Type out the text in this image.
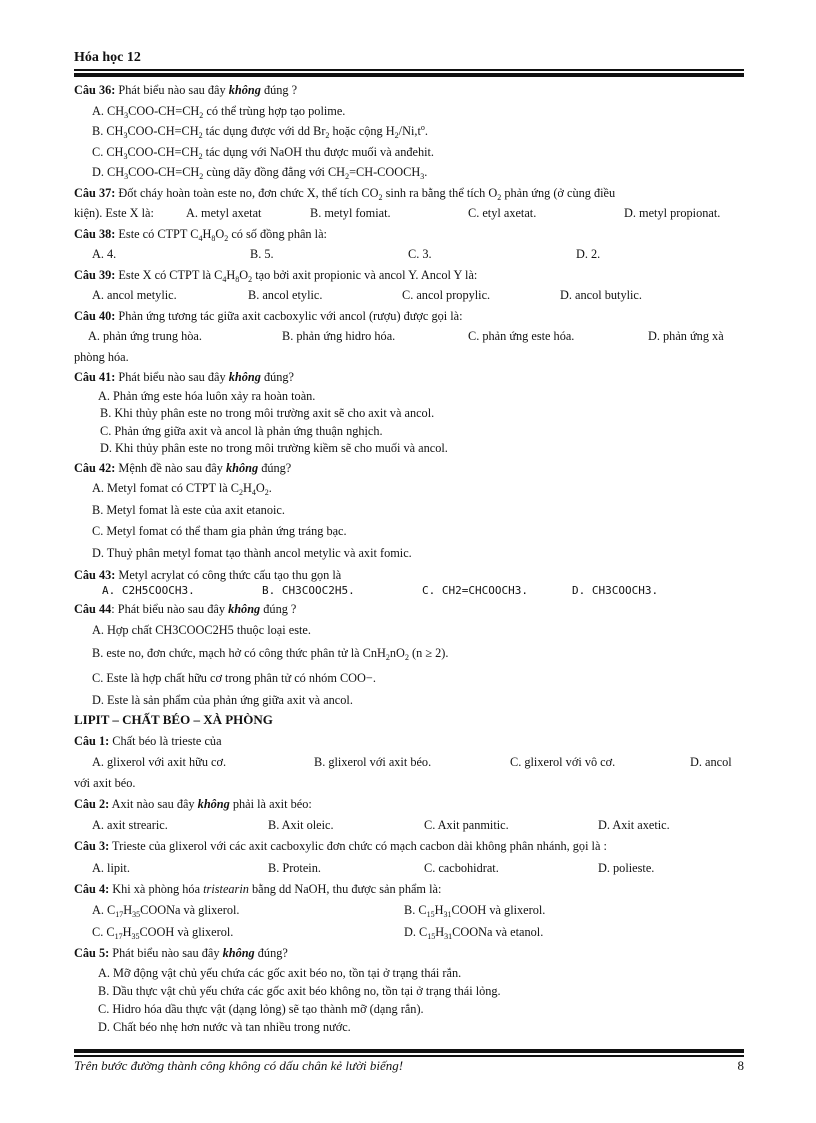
Hóa học 12

Câu 36: Phát biểu nào sau đây không đúng ?

A. $CH_3COO-CH=CH_2$ có thể trùng hợp tạo polime.

B. $CH_3COO-CH=CH_2$ tác dụng được với dd $Br_2$ hoặc cộng $H_2/Ni,t^o$.

C. $CH_3COO-CH=CH_2$ tác dụng với NaOH thu được muối và anđehit.

D. $CH_3COO-CH=CH_2$ cùng dãy đồng đẳng với $CH_2=CH-COOCH_3$.

Câu 37: Đốt cháy hoàn toàn este no, đơn chức X, thể tích $CO_2$ sinh ra bằng thể tích $O_2$ phản ứng (ở cùng điều

kiện). Este X là:	A. metyl axetat	B. metyl fomiat.	C. etyl axetat.	D. metyl propionat.

Câu 38: Este có CTPT $C_4H_8O_2$ có số đồng phân là:

A. 4.	B. 5.	C. 3.	D. 2.

Câu 39: Este X có CTPT là $C_4H_8O_2$ tạo bởi axit propionic và ancol Y. Ancol Y là:

A. ancol metylic.	B. ancol etylic.	C. ancol propylic.	D. ancol butylic.

Câu 40: Phản ứng tương tác giữa axit cacboxylic với ancol (rượu) được gọi là:

A. phản ứng trung hòa.	B. phản ứng hidro hóa.	C. phản ứng este hóa.	D. phản ứng xà

phòng hóa.

Câu 41: Phát biểu nào sau đây không đúng?

A. Phản ứng este hóa luôn xảy ra hoàn toàn.

B. Khi thủy phân este no trong môi trường axit sẽ cho axit và ancol.

C. Phản ứng giữa axit và ancol là phản ứng thuận nghịch.

D. Khi thủy phân este no trong môi trường kiềm sẽ cho muối và ancol.

Câu 42: Mệnh đề nào sau đây không đúng?

A. Metyl fomat có CTPT là $C_2H_4O_2$.

B. Metyl fomat là este của axit etanoic.

C. Metyl fomat có thể tham gia phản ứng tráng bạc.

D. Thuỷ phân metyl fomat tạo thành ancol metylic và axit fomic.

Câu 43: Metyl acrylat có công thức cấu tạo thu gọn là

A. C2H5COOCH3.	B. CH3COOC2H5.	C. CH2=CHCOOCH3.	D. CH3COOCH3.

Câu 44: Phát biểu nào sau đây không đúng ?

A. Hợp chất CH3COOC2H5 thuộc loại este.

B. este no, đơn chức, mạch hở có công thức phân tử là $CnH_2nO_2$ (n ≥ 2).

C. Este là hợp chất hữu cơ trong phân tử có nhóm COO−.

D. Este là sản phẩm của phản ứng giữa axit và ancol.

LIPIT – CHẤT BÉO – XÀ PHÒNG

Câu 1: Chất béo là trieste của

A. glixerol với axit hữu cơ.	B. glixerol với axit béo.	C. glixerol với vô cơ.	D. ancol

với axit béo.

Câu 2: Axit nào sau đây không phải là axit béo:

A. axit strearic.	B. Axit oleic.	C. Axit panmitic.	D. Axit axetic.

Câu 3: Trieste của glixerol với các axit cacboxylic đơn chức có mạch cacbon dài không phân nhánh, gọi là :

A. lipit.	B. Protein.	C. cacbohidrat.	D. polieste.

Câu 4: Khi xà phòng hóa tristearin bằng dd NaOH, thu được sản phẩm là:

A. $C_{17}H_{35}COONa$ và glixerol.	B. $C_{15}H_{31}COOH$ và glixerol.

C. $C_{17}H_{35}COOH$ và glixerol.	D. $C_{15}H_{31}COONa$ và etanol.

Câu 5: Phát biểu nào sau đây không đúng?

A. Mỡ động vật chủ yếu chứa các gốc axit béo no, tồn tại ở trạng thái rắn.

B. Dầu thực vật chủ yếu chứa các gốc axit béo không no, tồn tại ở trạng thái lỏng.

C. Hidro hóa dầu thực vật (dạng lỏng) sẽ tạo thành mỡ (dạng rắn).

D. Chất béo nhẹ hơn nước và tan nhiều trong nước.

Trên bước đường thành công không có dấu chân kẻ lười biếng!	8
